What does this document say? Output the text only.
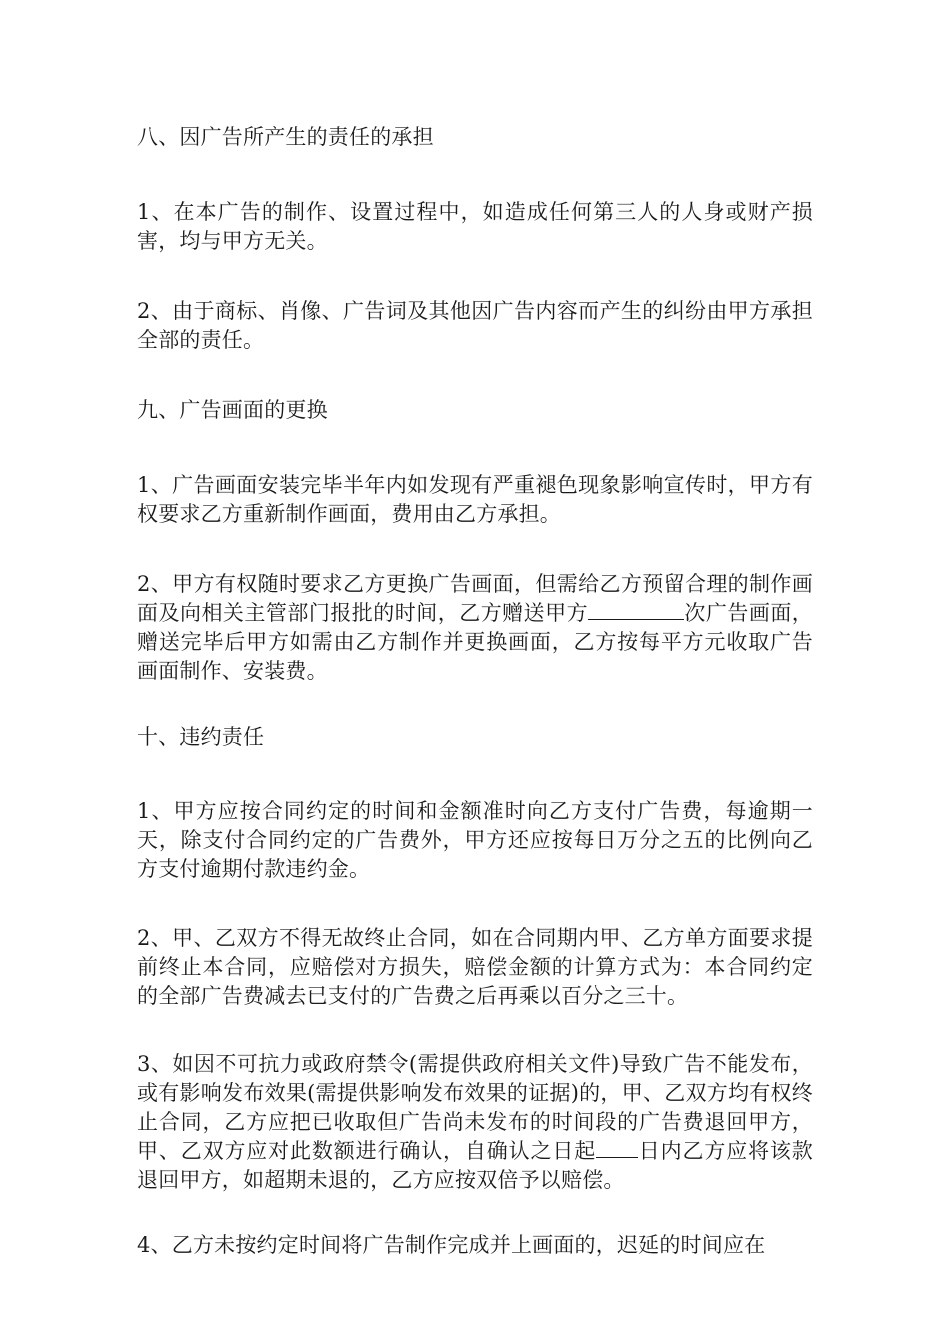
八、因广告所产生的责任的承担

1、在本广告的制作、设置过程中，如造成任何第三人的人身或财产损害，均与甲方无关。

2、由于商标、肖像、广告词及其他因广告内容而产生的纠纷由甲方承担全部的责任。

九、广告画面的更换

1、广告画面安装完毕半年内如发现有严重褪色现象影响宣传时，甲方有权要求乙方重新制作画面，费用由乙方承担。

2、甲方有权随时要求乙方更换广告画面，但需给乙方预留合理的制作画面及向相关主管部门报批的时间，乙方赠送甲方	次广告画面，赠送完毕后甲方如需由乙方制作并更换画面，乙方按每平方元收取广告画面制作、安装费。

十、违约责任

1、甲方应按合同约定的时间和金额准时向乙方支付广告费，每逾期一天，除支付合同约定的广告费外，甲方还应按每日万分之五的比例向乙方支付逾期付款违约金。

2、甲、乙双方不得无故终止合同，如在合同期内甲、乙方单方面要求提前终止本合同，应赔偿对方损失，赔偿金额的计算方式为：本合同约定的全部广告费减去已支付的广告费之后再乘以百分之三十。

3、如因不可抗力或政府禁令(需提供政府相关文件)导致广告不能发布，或有影响发布效果(需提供影响发布效果的证据)的，甲、乙双方均有权终止合同，乙方应把已收取但广告尚未发布的时间段的广告费退回甲方，甲、乙双方应对此数额进行确认，自确认之日起 日内乙方应将该款退回甲方，如超期未退的，乙方应按双倍予以赔偿。

4、乙方未按约定时间将广告制作完成并上画面的，迟延的时间应在
